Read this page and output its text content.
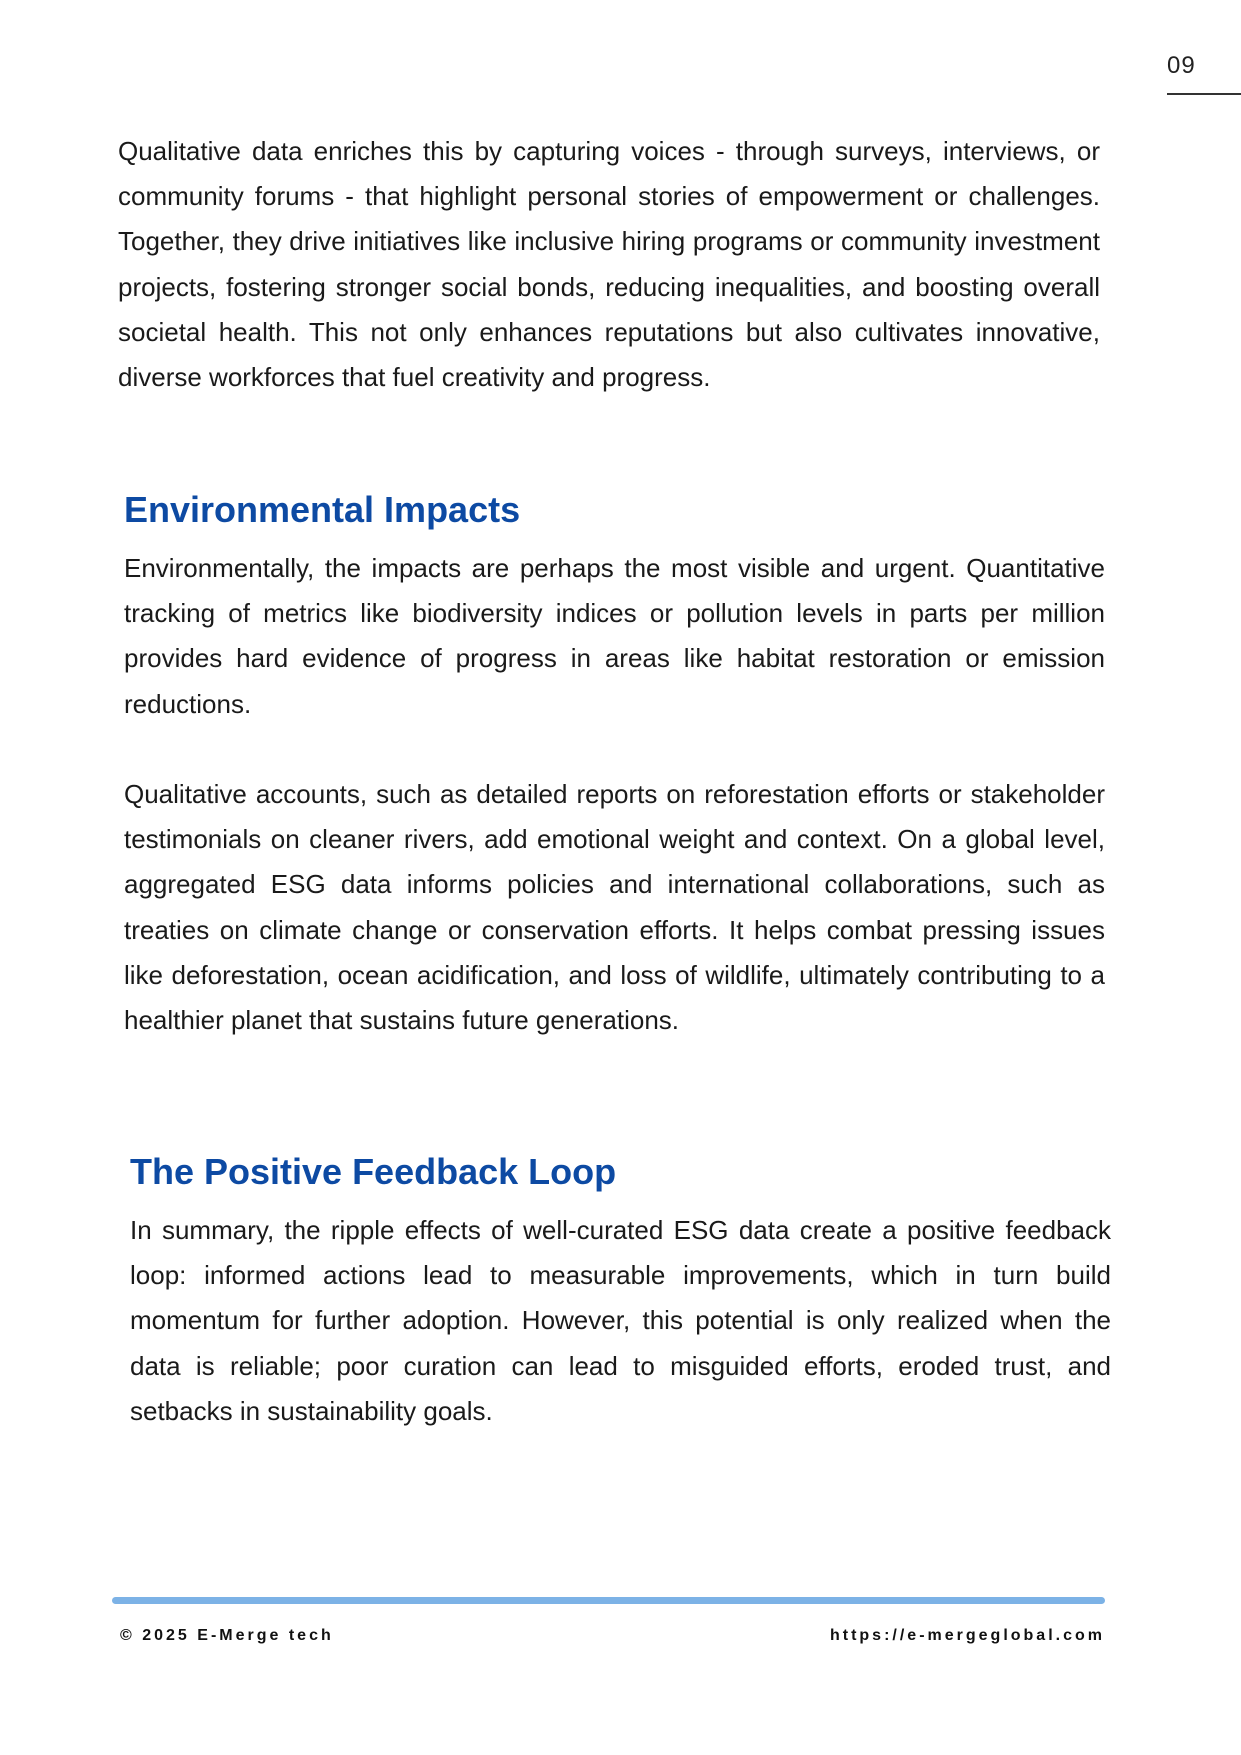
09

Qualitative data enriches this by capturing voices - through surveys, interviews, or community forums - that highlight personal stories of empowerment or challenges. Together, they drive initiatives like inclusive hiring programs or community investment projects, fostering stronger social bonds, reducing inequalities, and boosting overall societal health. This not only enhances reputations but also cultivates innovative, diverse workforces that fuel creativity and progress.

Environmental Impacts

Environmentally, the impacts are perhaps the most visible and urgent. Quantitative tracking of metrics like biodiversity indices or pollution levels in parts per million provides hard evidence of progress in areas like habitat restoration or emission reductions.

Qualitative accounts, such as detailed reports on reforestation efforts or stakeholder testimonials on cleaner rivers, add emotional weight and context. On a global level, aggregated ESG data informs policies and international collaborations, such as treaties on climate change or conservation efforts. It helps combat pressing issues like deforestation, ocean acidification, and loss of wildlife, ultimately contributing to a healthier planet that sustains future generations.

The Positive Feedback Loop

In summary, the ripple effects of well-curated ESG data create a positive feedback loop: informed actions lead to measurable improvements, which in turn build momentum for further adoption. However, this potential is only realized when the data is reliable; poor curation can lead to misguided efforts, eroded trust, and setbacks in sustainability goals.

© 2025 E-Merge tech	https://e-mergeglobal.com
